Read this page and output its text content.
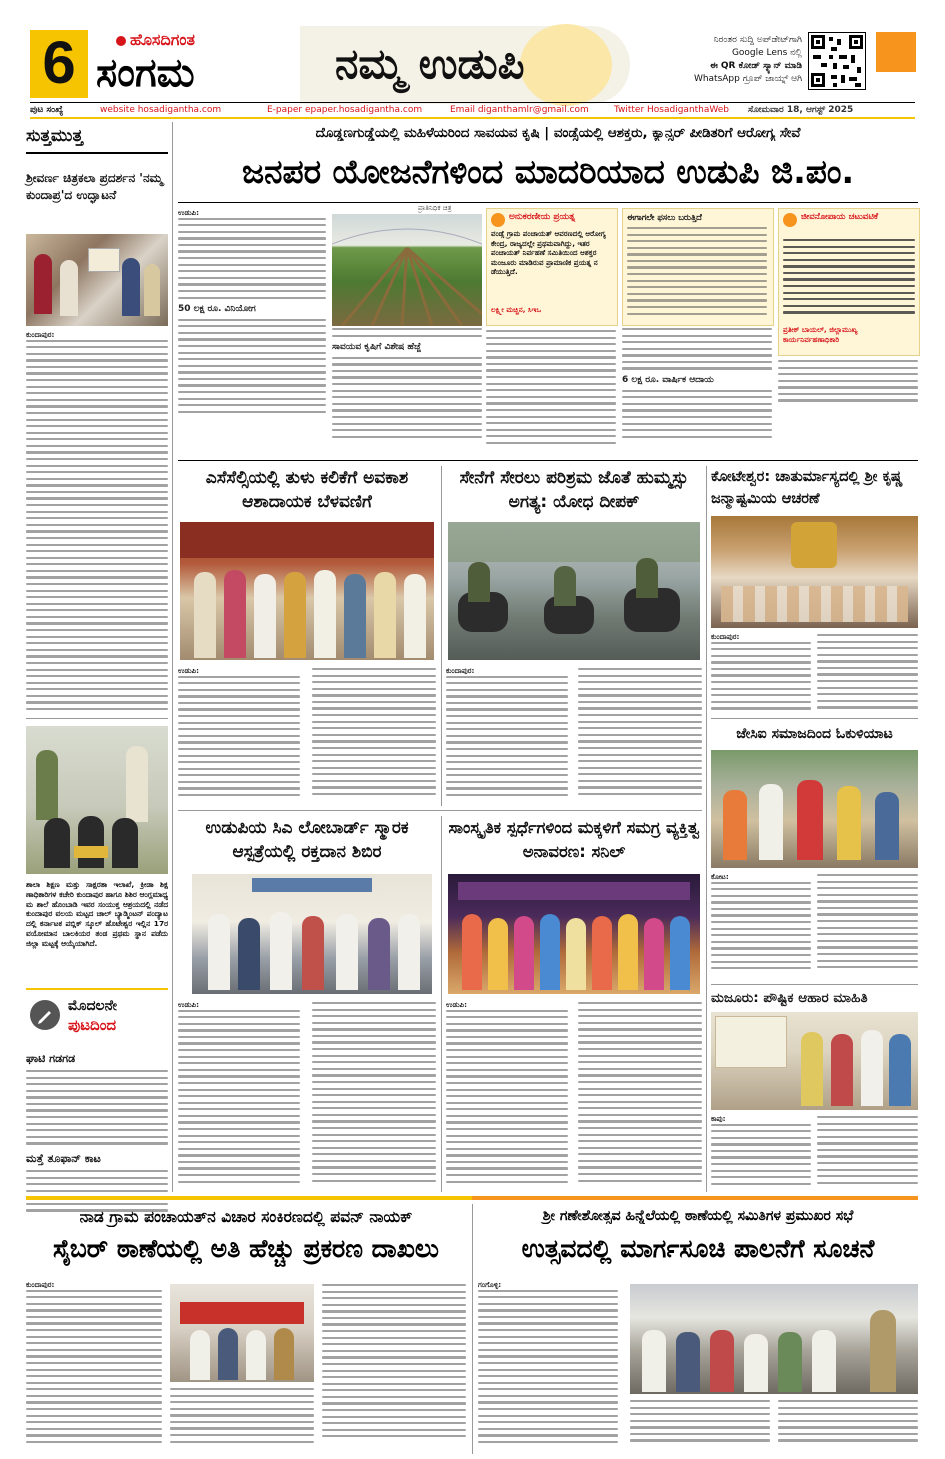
6	ಹೊಸದಿಗಂತ
ಸಂಗಮ	ನಮ್ಮ ಉಡುಪಿ	ನಿರಂತರ ಸುದ್ದಿ ಅಪ್‌ಡೇಟ್‌ಗಾಗಿ
Google Lens ನಲ್ಲಿ
ಈ QR ಕೋಡ್ ಸ್ಕ್ಯಾನ್ ಮಾಡಿ
WhatsApp ಗ್ರೂಪ್ ಜಾಯ್ನ್ ಆಗಿ
ಪುಟ ಸಂಖ್ಯೆ	website hosadigantha.com	E-paper epaper.hosadigantha.com	Email diganthamlr@gmail.com	Twitter HosadiganthaWeb ಸೋಮವಾರ 18, ಆಗಸ್ಟ್ 2025
ಸುತ್ತಮುತ್ತ
ಶ್ರೀವರ್ಣ ಚಿತ್ರಕಲಾ ಪ್ರದರ್ಶನ 'ನಮ್ಮ ಕುಂದಾಪ್ರ'ದ ಉದ್ಘಾಟನೆ
ಕುಂದಾಪುರ:
ಶಾಲಾ ಶಿಕ್ಷಣ ಮತ್ತು ಸಾಕ್ಷರತಾ ಇಲಾಖೆ, ಕ್ರೀಡಾ ಶಿಕ್ಷಣಾಧಿಕಾರಿಗಳ ಕಚೇರಿ ಕುಂದಾಪುರ ಹಾಗೂ ಶಿಶಿರ ಆಂಗ್ಲಮಾಧ್ಯಮ ಶಾಲೆ ಹೊಂಬಾಡಿ ಇವರ ಸಂಯುಕ್ತ ಆಶ್ರಯದಲ್ಲಿ ನಡೆದ ಕುಂದಾಪುರ ವಲಯ ಮಟ್ಟದ ಚಾಲ್ ಬ್ಯಾಡ್ಮಿಂಟನ್ ಪಂದ್ಯಾಟದಲ್ಲಿ ಕರ್ನಾಟಕ ಪಬ್ಲಿಕ್ ಸ್ಕೂಲ್ ಹೊಟೇಶ್ವರ ಇಲ್ಲಿನ 17ರ ವಯೋಮಾನ ಬಾಲಕಿಯರ ತಂಡ ಪ್ರಥಮ ಸ್ಥಾನ ಪಡೆದು ಜಿಲ್ಲಾ ಮಟ್ಟಕ್ಕೆ ಆಯ್ಕೆಯಾಗಿದೆ.
ಮೊದಲನೇ
ಪುಟದಿಂದ
ಘಾಟಿ ಗಡಗಡ
ಮತ್ತೆ ತೂಫಾನ್ ಕಾಟ
ದೊಡ್ಡಣಗುಡ್ಡೆಯಲ್ಲಿ ಮಹಿಳೆಯರಿಂದ ಸಾವಯವ ಕೃಷಿ | ವಂಡ್ಸೆಯಲ್ಲಿ ಆಶಕ್ತರು, ಕ್ಯಾನ್ಸರ್ ಪೀಡಿತರಿಗೆ ಆರೋಗ್ಯ ಸೇವೆ
ಜನಪರ ಯೋಜನೆಗಳಿಂದ ಮಾದರಿಯಾದ ಉಡುಪಿ ಜಿ.ಪಂ.
ಉಡುಪಿ:
50 ಲಕ್ಷ ರೂ. ವಿನಿಯೋಗ
ಪ್ರಾತಿನಿಧಿಕ ಚಿತ್ರ
ಸಾವಯವ ಕೃಷಿಗೆ ವಿಶೇಷ ಹೆಜ್ಜೆ
ಅನುಕರಣೀಯ ಪ್ರಯತ್ನ
ವಂಡ್ಸೆ ಗ್ರಾಮ ಪಂಚಾಯತ್ ಆವರಣದಲ್ಲಿ ಆರೋಗ್ಯ ಕೇಂದ್ರ, ರಾಜ್ಯದಲ್ಲೇ ಪ್ರಥಮವಾಗಿದ್ದು, ಇತರ ಪಂಚಾಯತ್ ನಿರ್ವಹಣೆ ಸಮಿತಿಯಿಂದ ಆಶಕ್ತರ ಮಂಜೂರು ಮಾಡಿರುವ ಪ್ರಾಮಾಣಿಕ ಪ್ರಯತ್ನ ನಡೆಯುತ್ತಿದೆ.
ಲಕ್ಷ್ಮೀ ಮಚ್ಚಿನ, ಸಿಇಒ
ಈಗಾಗಲೇ ಫಸಲು ಬರುತ್ತಿದೆ
6 ಲಕ್ಷ ರೂ. ವಾರ್ಷಿಕ ಆದಾಯ
ಜೀವನೋಪಾಯ ಚಟುವಟಿಕೆ
ಪ್ರತೀಕ್ ಬಾಯಲ್, ಜಿಲ್ಲಾಮುಖ್ಯ ಕಾರ್ಯನಿರ್ವಹಣಾಧಿಕಾರಿ
ಎಸೆಸೆಲ್ಸಿಯಲ್ಲಿ ತುಳು ಕಲಿಕೆಗೆ ಅವಕಾಶ ಆಶಾದಾಯಕ ಬೆಳವಣಿಗೆ
ಉಡುಪಿ:
ಸೇನೆಗೆ ಸೇರಲು ಪರಿಶ್ರಮ ಜೊತೆ ಹುಮ್ಮಸ್ಸು ಅಗತ್ಯ: ಯೋಧ ದೀಪಕ್
ಕುಂದಾಪುರ:
ಕೋಟೇಶ್ವರ: ಚಾತುರ್ಮಾಸ್ಯದಲ್ಲಿ ಶ್ರೀ ಕೃಷ್ಣ ಜನ್ಮಾಷ್ಟಮಿಯ ಆಚರಣೆ
ಕುಂದಾಪುರ:
ಜೇಸಿಐ ಸಮಾಜದಿಂದ ಓಕುಳಿಯಾಟ
ಕೋಟ:
ಉಡುಪಿಯ ಸಿಎ ಲೋಬಾರ್ಡ್ ಸ್ಮಾರಕ ಆಸ್ಪತ್ರೆಯಲ್ಲಿ ರಕ್ತದಾನ ಶಿಬಿರ
ಉಡುಪಿ:
ಸಾಂಸ್ಕೃತಿಕ ಸ್ಪರ್ಧೆಗಳಿಂದ ಮಕ್ಕಳಿಗೆ ಸಮಗ್ರ ವ್ಯಕ್ತಿತ್ವ ಅನಾವರಣ: ಸನಿಲ್
ಉಡುಪಿ:	ಮಜೂರು: ಪೌಷ್ಟಿಕ ಆಹಾರ ಮಾಹಿತಿ
ಕಾಪು:
ನಾಡ ಗ್ರಾಮ ಪಂಚಾಯತ್‌ನ ವಿಚಾರ ಸಂಕಿರಣದಲ್ಲಿ ಪವನ್ ನಾಯಕ್
ಸೈಬರ್ ಠಾಣೆಯಲ್ಲಿ ಅತಿ ಹೆಚ್ಚು ಪ್ರಕರಣ ದಾಖಲು
ಕುಂದಾಪುರ:
ಶ್ರೀ ಗಣೇಶೋತ್ಸವ ಹಿನ್ನೆಲೆಯಲ್ಲಿ ಠಾಣೆಯಲ್ಲಿ ಸಮಿತಿಗಳ ಪ್ರಮುಖರ ಸಭೆ
ಉತ್ಸವದಲ್ಲಿ ಮಾರ್ಗಸೂಚಿ ಪಾಲನೆಗೆ ಸೂಚನೆ
ಗಂಗೊಳ್ಳಿ:
